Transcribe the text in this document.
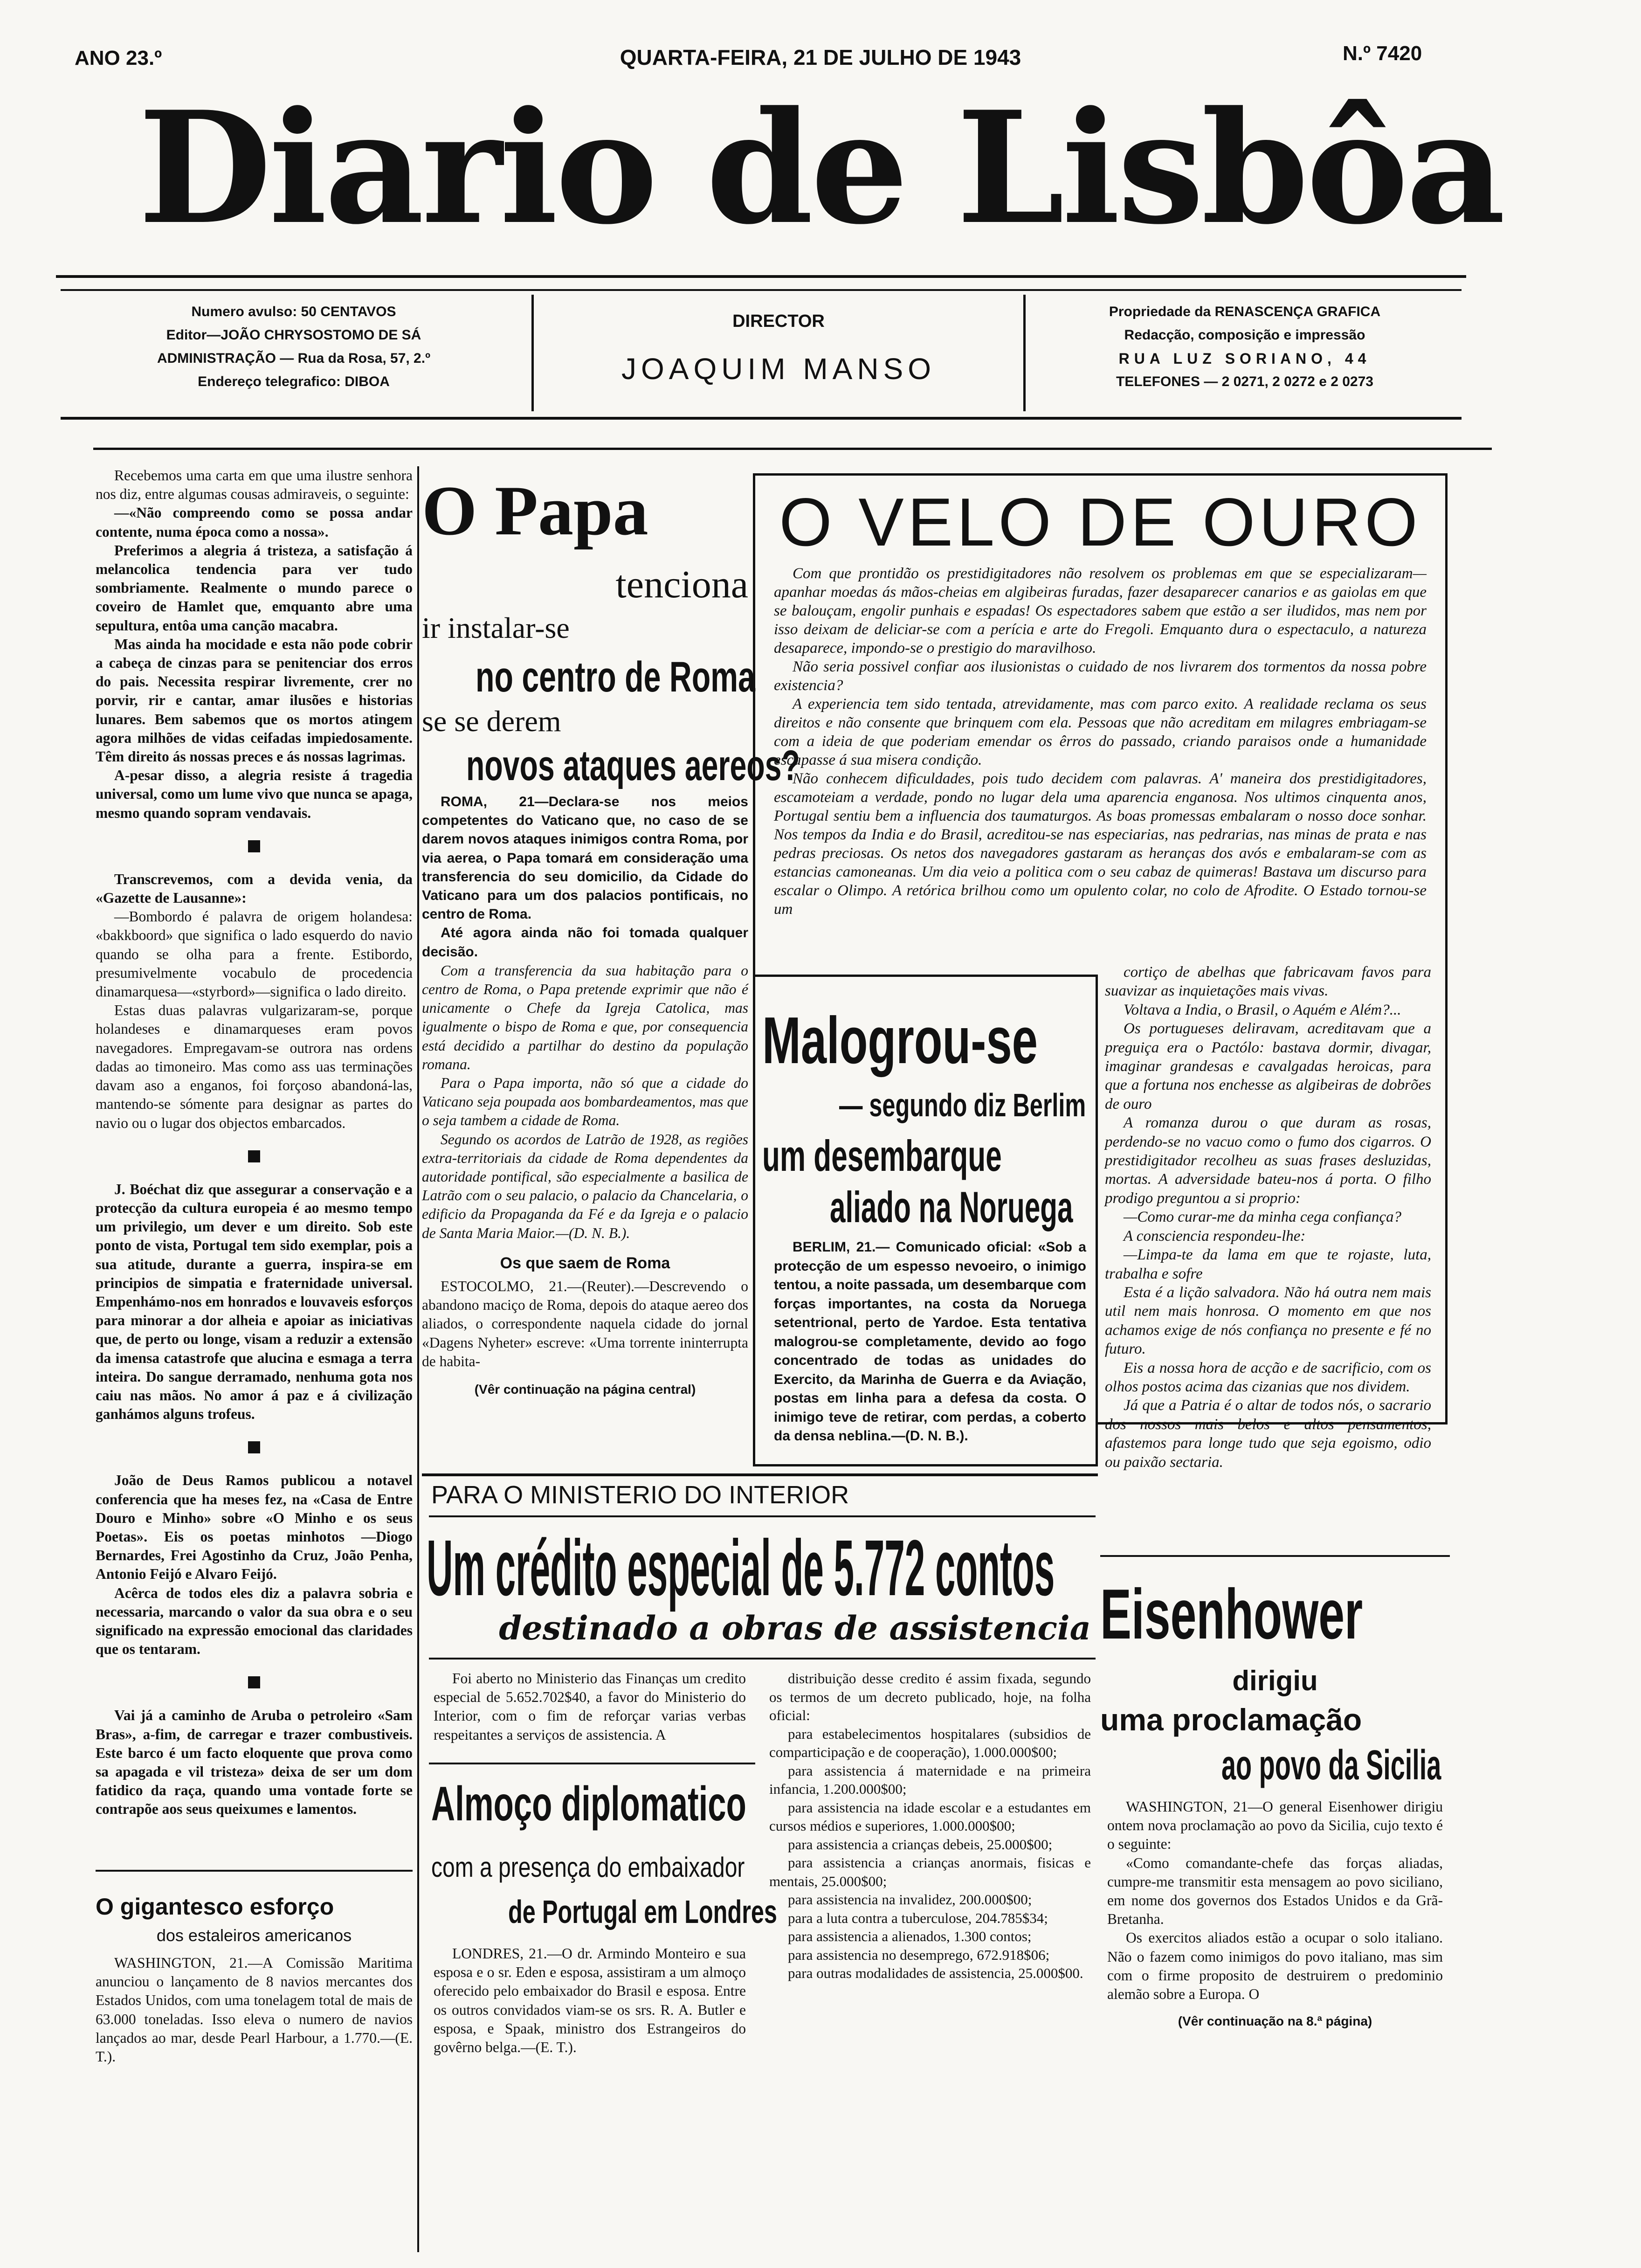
ANO 23.º	QUARTA-FEIRA, 21 DE JULHO DE 1943	N.º 7420
Diario de Lisbôa
Numero avulso: 50 CENTAVOS
Editor—JOÃO CHRYSOSTOMO DE SÁ
ADMINISTRAÇÃO — Rua da Rosa, 57, 2.º
Endereço telegrafico: DIBOA
DIRECTOR
JOAQUIM MANSO
Propriedade da RENASCENÇA GRAFICA
Redacção, composição e impressão
RUA LUZ SORIANO, 44
TELEFONES — 2 0271, 2 0272 e 2 0273

Recebemos uma carta em que uma ilustre senhora nos diz, entre algumas cousas admiraveis, o seguinte:

—«Não compreendo como se possa andar contente, numa época como a nossa».

Preferimos a alegria á tristeza, a satisfação á melancolica tendencia para ver tudo sombriamente. Realmente o mundo parece o coveiro de Hamlet que, emquanto abre uma sepultura, entôa uma canção macabra.

Mas ainda ha mocidade e esta não pode cobrir a cabeça de cinzas para se penitenciar dos erros do pais. Necessita respirar livremente, crer no porvir, rir e cantar, amar ilusões e historias lunares. Bem sabemos que os mortos atingem agora milhões de vidas ceifadas impiedosamente. Têm direito ás nossas preces e ás nossas lagrimas.

A-pesar disso, a alegria resiste á tragedia universal, como um lume vivo que nunca se apaga, mesmo quando sopram vendavais.

Transcrevemos, com a devida venia, da «Gazette de Lausanne»:

—Bombordo é palavra de origem holandesa: «bakkboord» que significa o lado esquerdo do navio quando se olha para a frente. Estibordo, presumivelmente vocabulo de procedencia dinamarquesa—«styrbord»—significa o lado direito.

Estas duas palavras vulgarizaram-se, porque holandeses e dinamarqueses eram povos navegadores. Empregavam-se outrora nas ordens dadas ao timoneiro. Mas como ass uas terminações davam aso a enganos, foi forçoso abandoná-las, mantendo-se sómente para designar as partes do navio ou o lugar dos objectos embarcados.

J. Boéchat diz que assegurar a conservação e a protecção da cultura europeia é ao mesmo tempo um privilegio, um dever e um direito. Sob este ponto de vista, Portugal tem sido exemplar, pois a sua atitude, durante a guerra, inspira-se em principios de simpatia e fraternidade universal. Empenhámo-nos em honrados e louvaveis esforços para minorar a dor alheia e apoiar as iniciativas que, de perto ou longe, visam a reduzir a extensão da imensa catastrofe que alucina e esmaga a terra inteira. Do sangue derramado, nenhuma gota nos caiu nas mãos. No amor á paz e á civilização ganhámos alguns trofeus.

João de Deus Ramos publicou a notavel conferencia que ha meses fez, na «Casa de Entre Douro e Minho» sobre «O Minho e os seus Poetas». Eis os poetas minhotos —Diogo Bernardes, Frei Agostinho da Cruz, João Penha, Antonio Feijó e Alvaro Feijó.

Acêrca de todos eles diz a palavra sobria e necessaria, marcando o valor da sua obra e o seu significado na expressão emocional das claridades que os tentaram.

Vai já a caminho de Aruba o petroleiro «Sam Bras», a-fim, de carregar e trazer combustiveis. Este barco é um facto eloquente que prova como sa apagada e vil tristeza» deixa de ser um dom fatidico da raça, quando uma vontade forte se contrapõe aos seus queixumes e lamentos.

O gigantesco esforço
dos estaleiros americanos

WASHINGTON, 21.—A Comissão Maritima anunciou o lançamento de 8 navios mercantes dos Estados Unidos, com uma tonelagem total de mais de 63.000 toneladas. Isso eleva o numero de navios lançados ao mar, desde Pearl Harbour, a 1.770.—(E. T.).

O Papa
tenciona
ir instalar-se
no centro de Roma
se se derem
novos ataques aereos?

ROMA, 21—Declara-se nos meios competentes do Vaticano que, no caso de se darem novos ataques inimigos contra Roma, por via aerea, o Papa tomará em consideração uma transferencia do seu domicilio, da Cidade do Vaticano para um dos palacios pontificais, no centro de Roma.

Até agora ainda não foi tomada qualquer decisão.

Com a transferencia da sua habitação para o centro de Roma, o Papa pretende exprimir que não é unicamente o Chefe da Igreja Catolica, mas igualmente o bispo de Roma e que, por consequencia está decidido a partilhar do destino da população romana.

Para o Papa importa, não só que a cidade do Vaticano seja poupada aos bombardeamentos, mas que o seja tambem a cidade de Roma.

Segundo os acordos de Latrão de 1928, as regiões extra-territoriais da cidade de Roma dependentes da autoridade pontifical, são especialmente a basilica de Latrão com o seu palacio, o palacio da Chancelaria, o edificio da Propaganda da Fé e da Igreja e o palacio de Santa Maria Maior.—(D. N. B.).

Os que saem de Roma

ESTOCOLMO, 21.—(Reuter).—Descrevendo o abandono maciço de Roma, depois do ataque aereo dos aliados, o correspondente naquela cidade do jornal «Dagens Nyheter» escreve: «Uma torrente ininterrupta de habita-

(Vêr continuação na página central)
O VELO DE OURO

Com que prontidão os prestidigitadores não resolvem os problemas em que se especializaram—apanhar moedas ás mãos-cheias em algibeiras furadas, fazer desaparecer canarios e as gaiolas em que se balouçam, engolir punhais e espadas! Os espectadores sabem que estão a ser iludidos, mas nem por isso deixam de deliciar-se com a perícia e arte do Fregoli. Emquanto dura o espectaculo, a natureza desaparece, impondo-se o prestigio do maravilhoso.

Não seria possivel confiar aos ilusionistas o cuidado de nos livrarem dos tormentos da nossa pobre existencia?

A experiencia tem sido tentada, atrevidamente, mas com parco exito. A realidade reclama os seus direitos e não consente que brinquem com ela. Pessoas que não acreditam em milagres embriagam-se com a ideia de que poderiam emendar os êrros do passado, criando paraisos onde a humanidade escapasse á sua misera condição.

Não conhecem dificuldades, pois tudo decidem com palavras. A' maneira dos prestidigitadores, escamoteiam a verdade, pondo no lugar dela uma aparencia enganosa. Nos ultimos cinquenta anos, Portugal sentiu bem a influencia dos taumaturgos. As boas promessas embalaram o nosso doce sonhar. Nos tempos da India e do Brasil, acreditou-se nas especiarias, nas pedrarias, nas minas de prata e nas pedras preciosas. Os netos dos navegadores gastaram as heranças dos avós e embalaram-se com as estancias camoneanas. Um dia veio a politica com o seu cabaz de quimeras! Bastava um discurso para escalar o Olimpo. A retórica brilhou como um opulento colar, no colo de Afrodite. O Estado tornou-se um

cortiço de abelhas que fabricavam favos para suavizar as inquietações mais vivas.

Voltava a India, o Brasil, o Aquém e Além?...

Os portugueses deliravam, acreditavam que a preguiça era o Pactólo: bastava dormir, divagar, imaginar grandesas e cavalgadas heroicas, para que a fortuna nos enchesse as algibeiras de dobrões de ouro

A romanza durou o que duram as rosas, perdendo-se no vacuo como o fumo dos cigarros. O prestidigitador recolheu as suas frases desluzidas, mortas. A adversidade bateu-nos á porta. O filho prodigo preguntou a si proprio:

—Como curar-me da minha cega confiança?

A consciencia respondeu-lhe:

—Limpa-te da lama em que te rojaste, luta, trabalha e sofre

Esta é a lição salvadora. Não há outra nem mais util nem mais honrosa. O momento em que nos achamos exige de nós confiança no presente e fé no futuro.

Eis a nossa hora de acção e de sacrificio, com os olhos postos acima das cizanias que nos dividem.

Já que a Patria é o altar de todos nós, o sacrario dos nossos mais belos e altos pensamentos, afastemos para longe tudo que seja egoismo, odio ou paixão sectaria.

Malogrou-se
— segundo diz Berlim
um desembarque
aliado na Noruega

BERLIM, 21.— Comunicado oficial: «Sob a protecção de um espesso nevoeiro, o inimigo tentou, a noite passada, um desembarque com forças importantes, na costa da Noruega setentrional, perto de Yardoe. Esta tentativa malogrou-se completamente, devido ao fogo concentrado de todas as unidades do Exercito, da Marinha de Guerra e da Aviação, postas em linha para a defesa da costa. O inimigo teve de retirar, com perdas, a coberto da densa neblina.—(D. N. B.).

PARA O MINISTERIO DO INTERIOR
Um crédito especial de 5.772 contos
destinado a obras de assistencia

Foi aberto no Ministerio das Finanças um credito especial de 5.652.702$40, a favor do Ministerio do Interior, com o fim de reforçar varias verbas respeitantes a serviços de assistencia. A

distribuição desse credito é assim fixada, segundo os termos de um decreto publicado, hoje, na folha oficial:

para estabelecimentos hospitalares (subsidios de comparticipação e de cooperação), 1.000.000$00;

para assistencia á maternidade e na primeira infancia, 1.200.000$00;

para assistencia na idade escolar e a estudantes em cursos médios e superiores, 1.000.000$00;

para assistencia a crianças debeis, 25.000$00;

para assistencia a crianças anormais, fisicas e mentais, 25.000$00;

para assistencia na invalidez, 200.000$00;

para a luta contra a tuberculose, 204.785$34;

para assistencia a alienados, 1.300 contos;

para assistencia no desemprego, 672.918$06;

para outras modalidades de assistencia, 25.000$00.

Almoço diplomatico
com a presença do embaixador
de Portugal em Londres

LONDRES, 21.—O dr. Armindo Monteiro e sua esposa e o sr. Eden e esposa, assistiram a um almoço oferecido pelo embaixador do Brasil e esposa. Entre os outros convidados viam-se os srs. R. A. Butler e esposa, e Spaak, ministro dos Estrangeiros do govêrno belga.—(E. T.).

Eisenhower
dirigiu
uma proclamação
ao povo da Sicilia

WASHINGTON, 21—O general Eisenhower dirigiu ontem nova proclamação ao povo da Sicilia, cujo texto é o seguinte:

«Como comandante-chefe das forças aliadas, cumpre-me transmitir esta mensagem ao povo siciliano, em nome dos governos dos Estados Unidos e da Grã-Bretanha.

Os exercitos aliados estão a ocupar o solo italiano. Não o fazem como inimigos do povo italiano, mas sim com o firme proposito de destruirem o predominio alemão sobre a Europa. O

(Vêr continuação na 8.ª página)
